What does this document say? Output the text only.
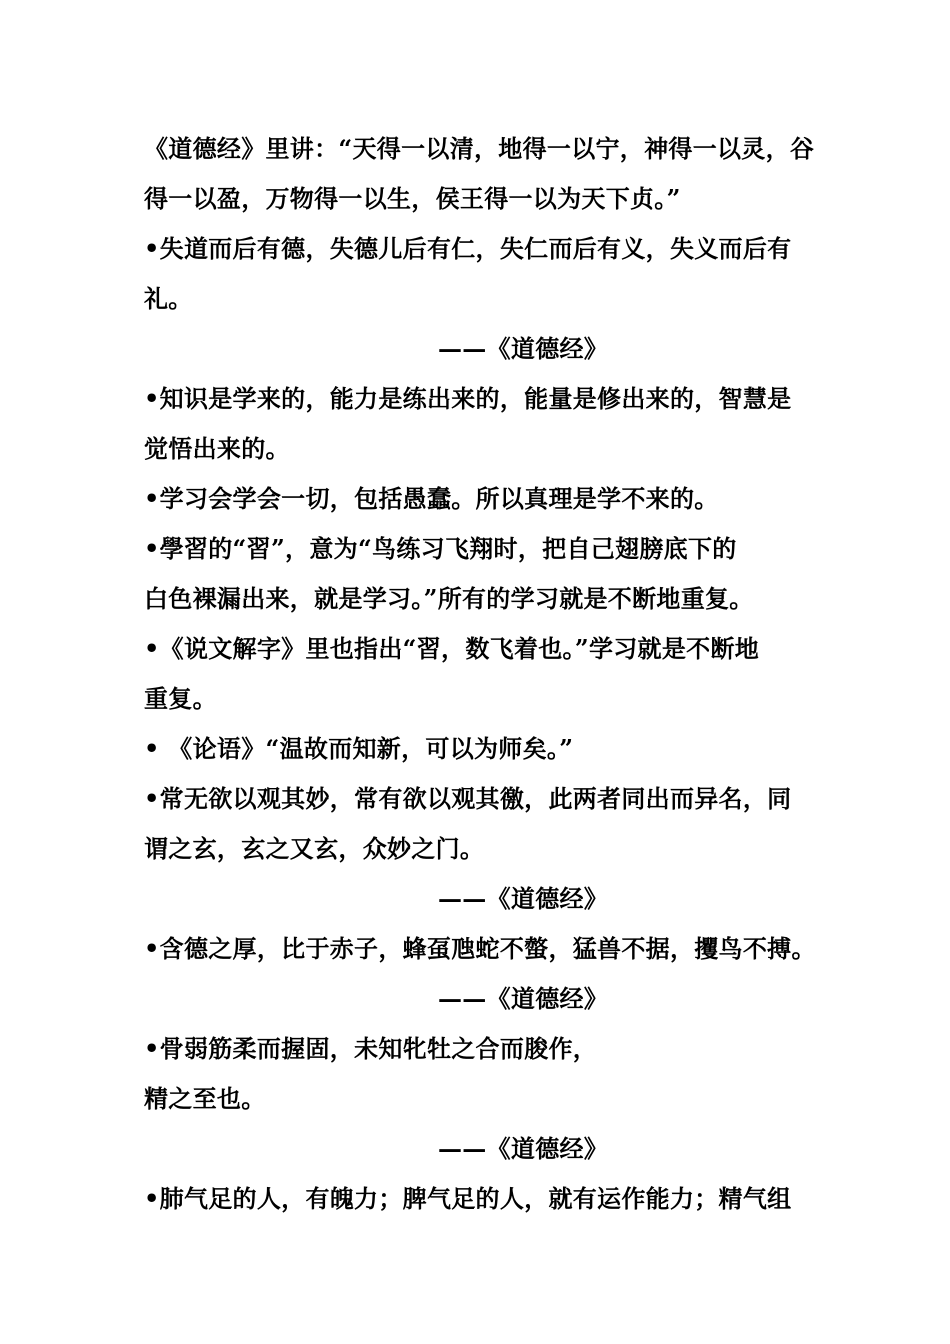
《道德经》里讲：“天得一以清，地得一以宁，神得一以灵，谷
得一以盈，万物得一以生，侯王得一以为天下贞。”
•失道而后有德，失德儿后有仁，失仁而后有义，失义而后有
礼。
——《道德经》
•知识是学来的，能力是练出来的，能量是修出来的，智慧是
觉悟出来的。
•学习会学会一切，包括愚蠢。所以真理是学不来的。
•學習的“習”，意为“鸟练习飞翔时，把自己翅膀底下的
白色裸漏出来，就是学习。”所有的学习就是不断地重复。
•《说文解字》里也指出“習，数飞着也。”学习就是不断地
重复。
• 《论语》“温故而知新，可以为师矣。”
•常无欲以观其妙，常有欲以观其徼，此两者同出而异名，同
谓之玄，玄之又玄，众妙之门。
——《道德经》
•含德之厚，比于赤子，蜂虿虺蛇不螫，猛兽不据，攫鸟不搏。
——《道德经》
•骨弱筋柔而握固，未知牝牡之合而朘作，
精之至也。
——《道德经》
•肺气足的人，有魄力；脾气足的人，就有运作能力；精气组
